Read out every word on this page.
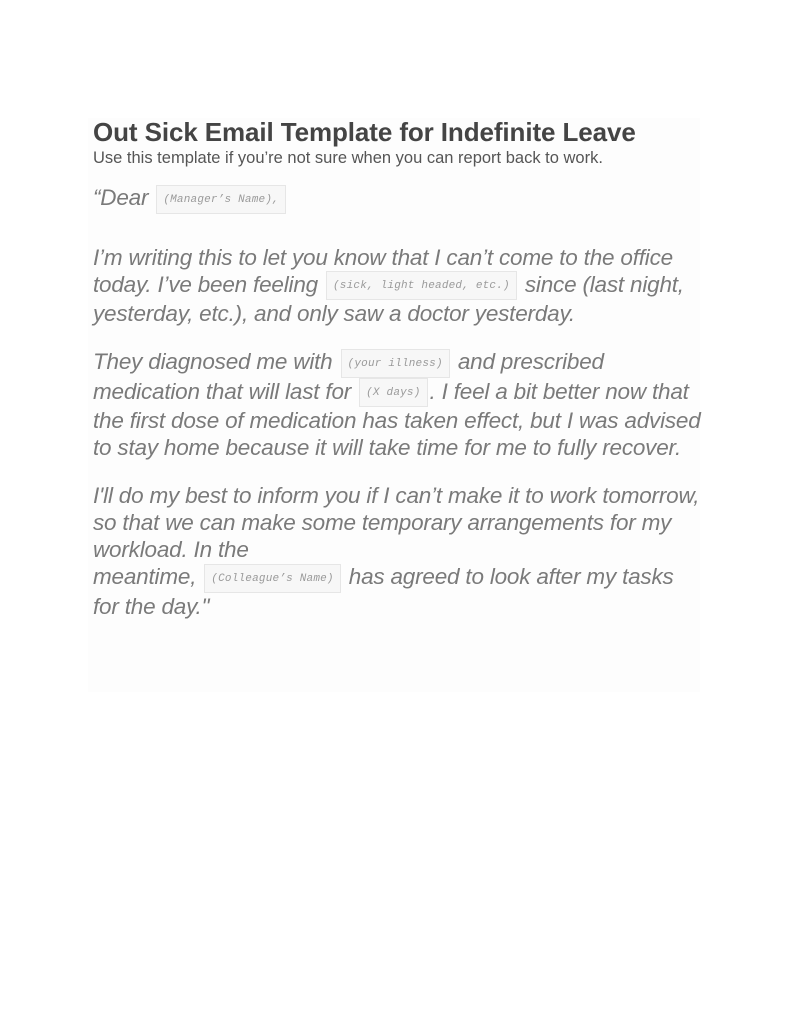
Out Sick Email Template for Indefinite Leave

Use this template if you’re not sure when you can report back to work.

“Dear (Manager’s Name),

I’m writing this to let you know that I can’t come to the office today. I’ve been feeling (sick, light headed, etc.) since (last night, yesterday, etc.), and only saw a doctor yesterday.

They diagnosed me with (your illness) and prescribed medication that will last for (X days) . I feel a bit better now that the first dose of medication has taken effect, but I was advised to stay home because it will take time for me to fully recover.

I'll do my best to inform you if I can’t make it to work tomorrow, so that we can make some temporary arrangements for my workload. In the
meantime, (Colleague’s Name) has agreed to look after my tasks for the day."
